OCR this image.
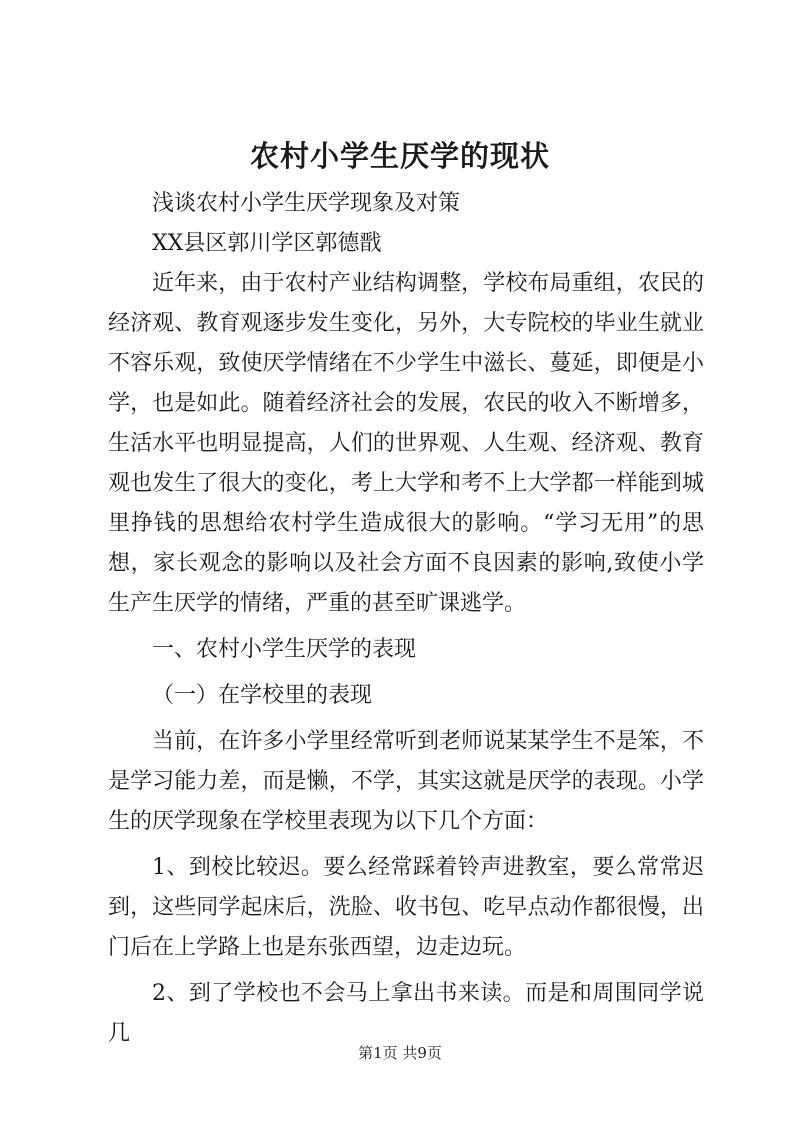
农村小学生厌学的现状

浅谈农村小学生厌学现象及对策

XX县区郭川学区郭德戬

近年来，由于农村产业结构调整，学校布局重组，农民的经济观、教育观逐步发生变化，另外，大专院校的毕业生就业不容乐观，致使厌学情绪在不少学生中滋长、蔓延，即便是小学，也是如此。随着经济社会的发展，农民的收入不断增多，生活水平也明显提高，人们的世界观、人生观、经济观、教育观也发生了很大的变化，考上大学和考不上大学都一样能到城里挣钱的思想给农村学生造成很大的影响。“学习无用”的思想，家长观念的影响以及社会方面不良因素的影响,致使小学生产生厌学的情绪，严重的甚至旷课逃学。

一、农村小学生厌学的表现

（一）在学校里的表现

当前，在许多小学里经常听到老师说某某学生不是笨，不是学习能力差，而是懒，不学，其实这就是厌学的表现。小学生的厌学现象在学校里表现为以下几个方面：

1、到校比较迟。要么经常踩着铃声进教室，要么常常迟到，这些同学起床后，洗脸、收书包、吃早点动作都很慢，出门后在上学路上也是东张西望，边走边玩。

2、到了学校也不会马上拿出书来读。而是和周围同学说几

第1页 共9页
